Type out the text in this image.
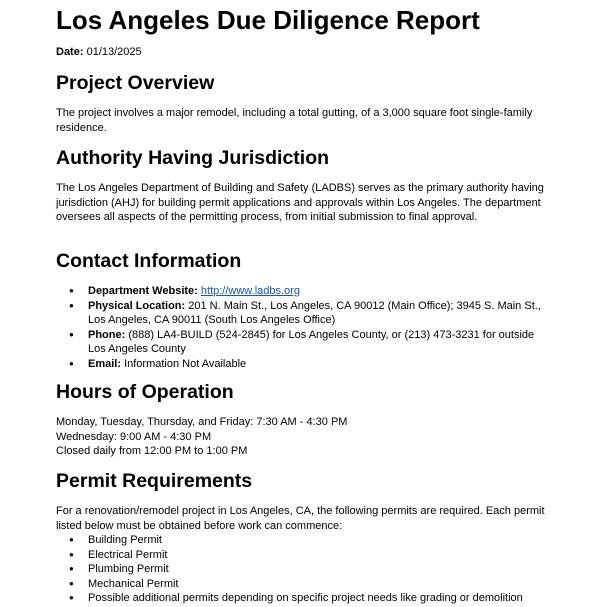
Los Angeles Due Diligence Report

Date: 01/13/2025

Project Overview

The project involves a major remodel, including a total gutting, of a 3,000 square foot single-family residence.

Authority Having Jurisdiction

The Los Angeles Department of Building and Safety (LADBS) serves as the primary authority having jurisdiction (AHJ) for building permit applications and approvals within Los Angeles. The department oversees all aspects of the permitting process, from initial submission to final approval.

Contact Information
● Department Website: http://www.ladbs.org
● Physical Location: 201 N. Main St., Los Angeles, CA 90012 (Main Office); 3945 S. Main St., Los Angeles, CA 90011 (South Los Angeles Office)
● Phone: (888) LA4-BUILD (524-2845) for Los Angeles County, or (213) 473-3231 for outside Los Angeles County
● Email: Information Not Available
Hours of Operation
Monday, Tuesday, Thursday, and Friday: 7:30 AM - 4:30 PM
Wednesday: 9:00 AM - 4:30 PM
Closed daily from 12:00 PM to 1:00 PM
Permit Requirements

For a renovation/remodel project in Los Angeles, CA, the following permits are required. Each permit listed below must be obtained before work can commence:

● Building Permit
● Electrical Permit
● Plumbing Permit
● Mechanical Permit
● Possible additional permits depending on specific project needs like grading or demolition
